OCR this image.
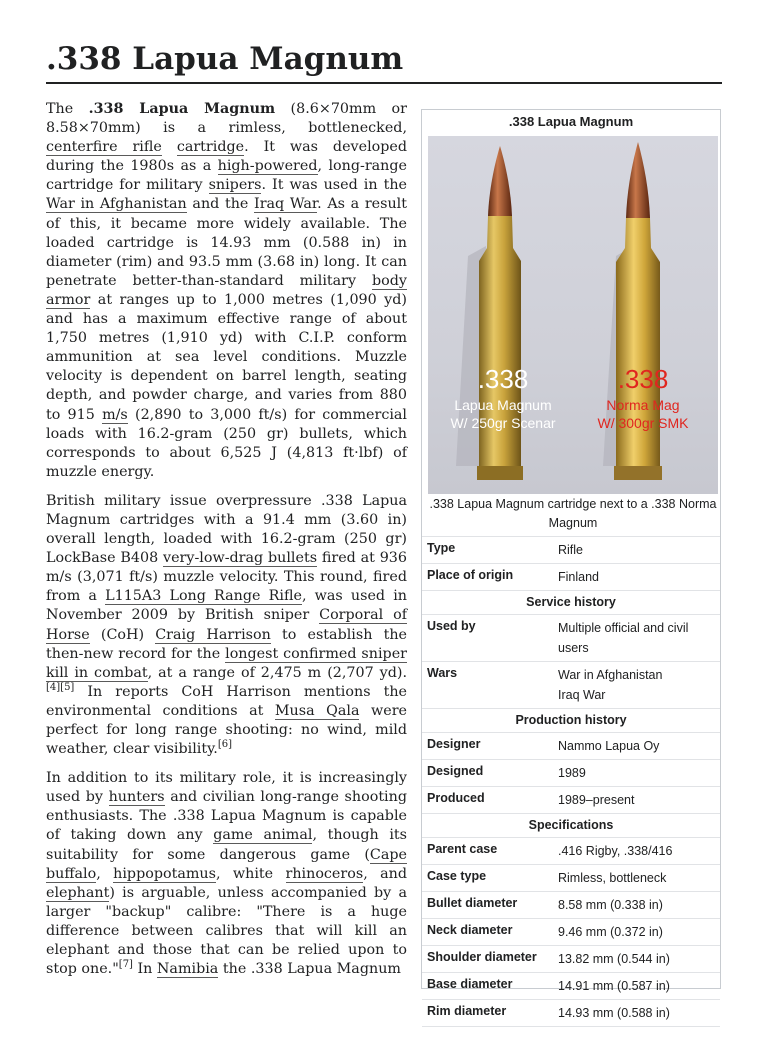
.338 Lapua Magnum

The .338 Lapua Magnum (8.6×70mm or 8.58×70mm) is a rimless, bottlenecked, centerfire rifle cartridge. It was developed during the 1980s as a high-powered, long-range cartridge for military snipers. It was used in the War in Afghanistan and the Iraq War. As a result of this, it became more widely available. The loaded cartridge is 14.93 mm (0.588 in) in diameter (rim) and 93.5 mm (3.68 in) long. It can penetrate better-than-standard military body armor at ranges up to 1,000 metres (1,090 yd) and has a maximum effective range of about 1,750 metres (1,910 yd) with C.I.P. conform ammunition at sea level conditions. Muzzle velocity is dependent on barrel length, seating depth, and powder charge, and varies from 880 to 915 m/s (2,890 to 3,000 ft/s) for commercial loads with 16.2-gram (250 gr) bullets, which corresponds to about 6,525 J (4,813 ft·lbf) of muzzle energy.

British military issue overpressure .338 Lapua Magnum cartridges with a 91.4 mm (3.60 in) overall length, loaded with 16.2-gram (250 gr) LockBase B408 very-low-drag bullets fired at 936 m/s (3,071 ft/s) muzzle velocity. This round, fired from a L115A3 Long Range Rifle, was used in November 2009 by British sniper Corporal of Horse (CoH) Craig Harrison to establish the then-new record for the longest confirmed sniper kill in combat, at a range of 2,475 m (2,707 yd).[4][5] In reports CoH Harrison mentions the environmental conditions at Musa Qala were perfect for long range shooting: no wind, mild weather, clear visibility.[6]

In addition to its military role, it is increasingly used by hunters and civilian long-range shooting enthusiasts. The .338 Lapua Magnum is capable of taking down any game animal, though its suitability for some dangerous game (Cape buffalo, hippopotamus, white rhinoceros, and elephant) is arguable, unless accompanied by a larger "backup" calibre: "There is a huge difference between calibres that will kill an elephant and those that can be relied upon to stop one."[7] In Namibia the .338 Lapua Magnum

.338 Lapua Magnum
.338
Lapua Magnum
W/ 250gr Scenar
.338
Norma Mag
W/ 300gr SMK
.338 Lapua Magnum cartridge next to a .338 Norma Magnum
Type	Rifle
Place of origin	Finland
Service history
Used by	Multiple official and civil users
Wars	War in Afghanistan
Iraq War
Production history
Designer	Nammo Lapua Oy
Designed	1989
Produced	1989–present
Specifications
Parent case	.416 Rigby, .338/416
Case type	Rimless, bottleneck
Bullet diameter	8.58 mm (0.338 in)
Neck diameter	9.46 mm (0.372 in)
Shoulder diameter	13.82 mm (0.544 in)
Base diameter	14.91 mm (0.587 in)
Rim diameter	14.93 mm (0.588 in)
